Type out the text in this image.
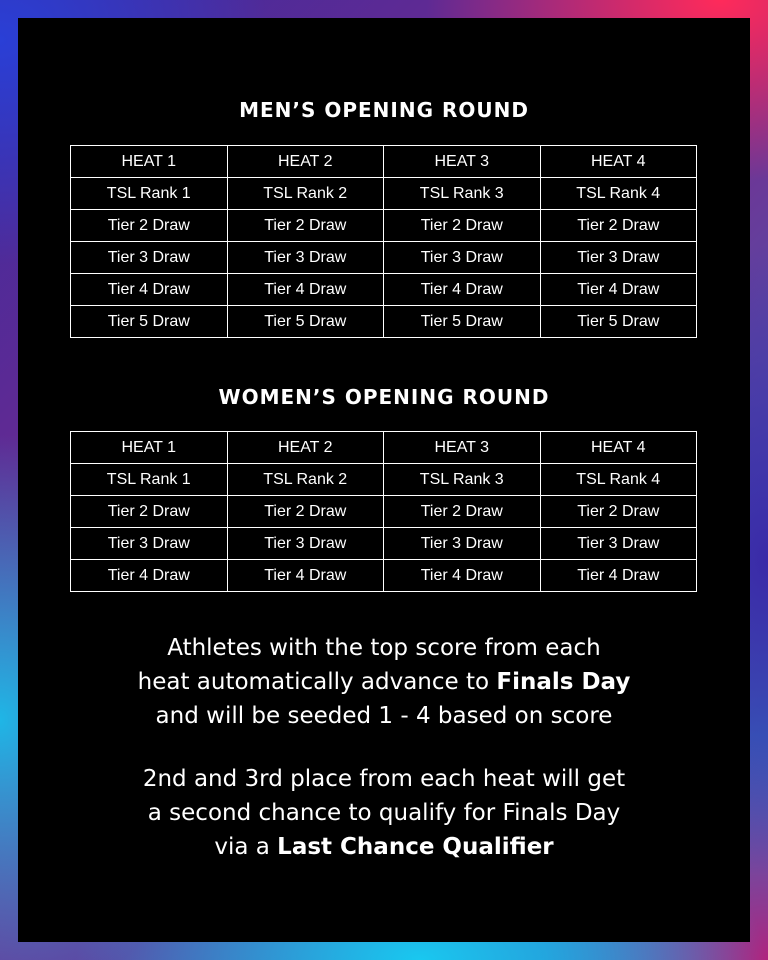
MEN’S OPENING ROUND
HEAT 1	HEAT 2	HEAT 3	HEAT 4
TSL Rank 1	TSL Rank 2	TSL Rank 3	TSL Rank 4
Tier 2 Draw	Tier 2 Draw	Tier 2 Draw	Tier 2 Draw
Tier 3 Draw	Tier 3 Draw	Tier 3 Draw	Tier 3 Draw
Tier 4 Draw	Tier 4 Draw	Tier 4 Draw	Tier 4 Draw
Tier 5 Draw	Tier 5 Draw	Tier 5 Draw	Tier 5 Draw
WOMEN’S OPENING ROUND
HEAT 1	HEAT 2	HEAT 3	HEAT 4
TSL Rank 1	TSL Rank 2	TSL Rank 3	TSL Rank 4
Tier 2 Draw	Tier 2 Draw	Tier 2 Draw	Tier 2 Draw
Tier 3 Draw	Tier 3 Draw	Tier 3 Draw	Tier 3 Draw
Tier 4 Draw	Tier 4 Draw	Tier 4 Draw	Tier 4 Draw
Athletes with the top score from each
heat automatically advance to Finals Day
and will be seeded 1 - 4 based on score
2nd and 3rd place from each heat will get
a second chance to qualify for Finals Day
via a Last Chance Qualifier
